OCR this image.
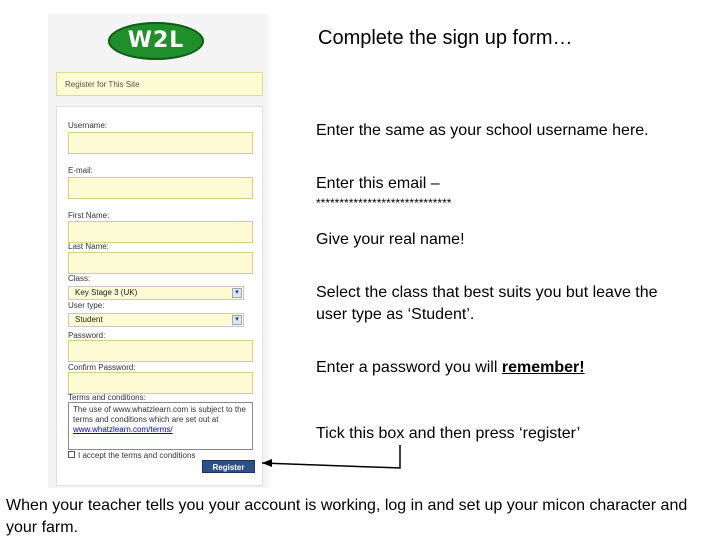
W2L
Register for This Site
Username:
E-mail:
First Name:
Last Name:
Class:
Key Stage 3 (UK)	▾
User type:
Student	▾
Password:
Confirm Password:
Terms and conditions:
The use of www.whatzlearn.com is subject to the terms and conditions which are set out at www.whatzlearn.com/terms/
I accept the terms and conditions
Register
Complete the sign up form…
Enter the same as your school username here.
Enter this email –
*****************************
Give your real name!
Select the class that best suits you but leave the user type as ‘Student’.
Enter a password you will remember!
Tick this box and then press ‘register’
When your teacher tells you your account is working, log in and set up your micon character and your farm.
